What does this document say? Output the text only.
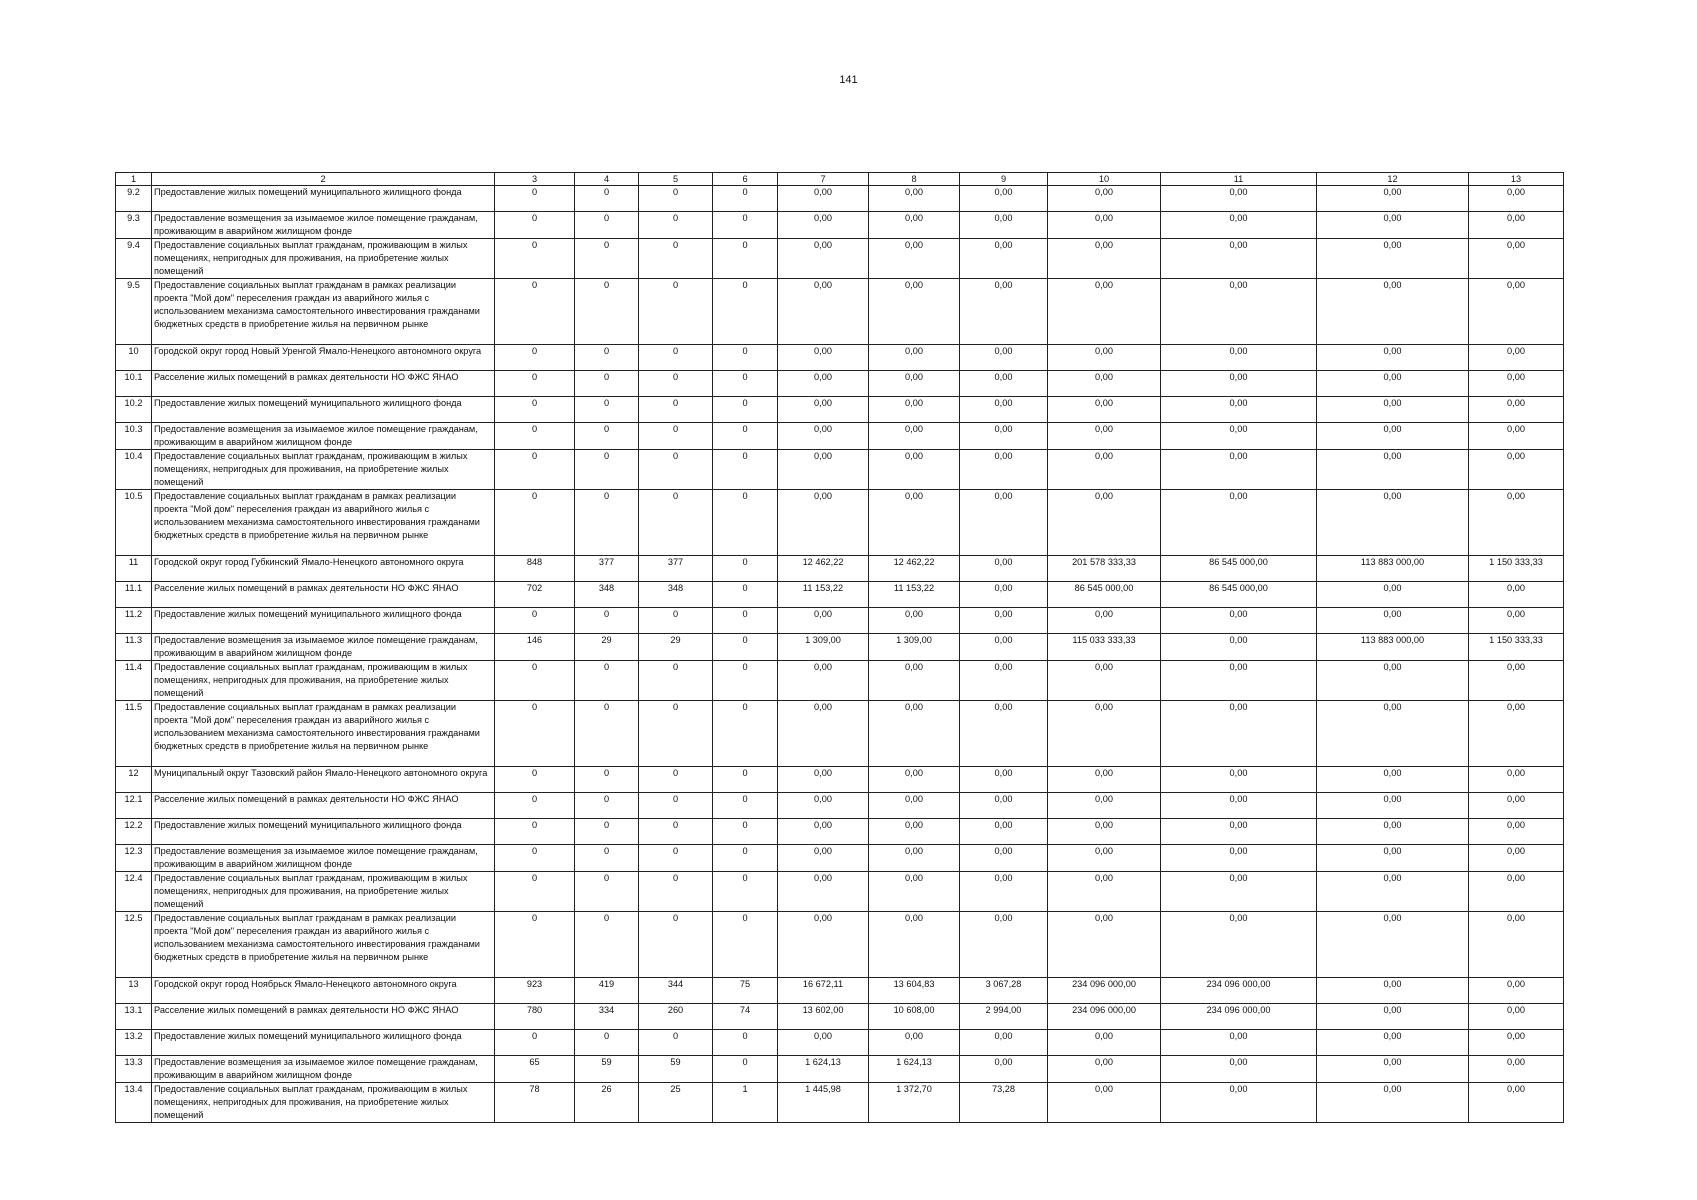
141
1	2	3	4	5	6	7	8	9	10	11	12	13
9.2	Предоставление жилых помещений муниципального жилищного фонда	0	0	0	0	0,00	0,00	0,00	0,00	0,00	0,00	0,00
9.3	Предоставление возмещения за изымаемое жилое помещение гражданам, проживающим в аварийном жилищном фонде	0	0	0	0	0,00	0,00	0,00	0,00	0,00	0,00	0,00
9.4	Предоставление социальных выплат гражданам, проживающим в жилых помещениях, непригодных для проживания, на приобретение жилых помещений	0	0	0	0	0,00	0,00	0,00	0,00	0,00	0,00	0,00
9.5	Предоставление социальных выплат гражданам в рамках реализации проекта "Мой дом" переселения граждан из аварийного жилья с использованием механизма самостоятельного инвестирования гражданами бюджетных средств в приобретение жилья на первичном рынке	0	0	0	0	0,00	0,00	0,00	0,00	0,00	0,00	0,00
10	Городской округ город Новый Уренгой Ямало-Ненецкого автономного округа	0	0	0	0	0,00	0,00	0,00	0,00	0,00	0,00	0,00
10.1	Расселение жилых помещений в рамках деятельности НО ФЖС ЯНАО	0	0	0	0	0,00	0,00	0,00	0,00	0,00	0,00	0,00
10.2	Предоставление жилых помещений муниципального жилищного фонда	0	0	0	0	0,00	0,00	0,00	0,00	0,00	0,00	0,00
10.3	Предоставление возмещения за изымаемое жилое помещение гражданам, проживающим в аварийном жилищном фонде	0	0	0	0	0,00	0,00	0,00	0,00	0,00	0,00	0,00
10.4	Предоставление социальных выплат гражданам, проживающим в жилых помещениях, непригодных для проживания, на приобретение жилых помещений	0	0	0	0	0,00	0,00	0,00	0,00	0,00	0,00	0,00
10.5	Предоставление социальных выплат гражданам в рамках реализации проекта "Мой дом" переселения граждан из аварийного жилья с использованием механизма самостоятельного инвестирования гражданами бюджетных средств в приобретение жилья на первичном рынке	0	0	0	0	0,00	0,00	0,00	0,00	0,00	0,00	0,00
11	Городской округ город Губкинский Ямало-Ненецкого автономного округа	848	377	377	0	12 462,22	12 462,22	0,00	201 578 333,33	86 545 000,00	113 883 000,00	1 150 333,33
11.1	Расселение жилых помещений в рамках деятельности НО ФЖС ЯНАО	702	348	348	0	11 153,22	11 153,22	0,00	86 545 000,00	86 545 000,00	0,00	0,00
11.2	Предоставление жилых помещений муниципального жилищного фонда	0	0	0	0	0,00	0,00	0,00	0,00	0,00	0,00	0,00
11.3	Предоставление возмещения за изымаемое жилое помещение гражданам, проживающим в аварийном жилищном фонде	146	29	29	0	1 309,00	1 309,00	0,00	115 033 333,33	0,00	113 883 000,00	1 150 333,33
11.4	Предоставление социальных выплат гражданам, проживающим в жилых помещениях, непригодных для проживания, на приобретение жилых помещений	0	0	0	0	0,00	0,00	0,00	0,00	0,00	0,00	0,00
11.5	Предоставление социальных выплат гражданам в рамках реализации проекта "Мой дом" переселения граждан из аварийного жилья с использованием механизма самостоятельного инвестирования гражданами бюджетных средств в приобретение жилья на первичном рынке	0	0	0	0	0,00	0,00	0,00	0,00	0,00	0,00	0,00
12	Муниципальный округ Тазовский район Ямало-Ненецкого автономного округа	0	0	0	0	0,00	0,00	0,00	0,00	0,00	0,00	0,00
12.1	Расселение жилых помещений в рамках деятельности НО ФЖС ЯНАО	0	0	0	0	0,00	0,00	0,00	0,00	0,00	0,00	0,00
12.2	Предоставление жилых помещений муниципального жилищного фонда	0	0	0	0	0,00	0,00	0,00	0,00	0,00	0,00	0,00
12.3	Предоставление возмещения за изымаемое жилое помещение гражданам, проживающим в аварийном жилищном фонде	0	0	0	0	0,00	0,00	0,00	0,00	0,00	0,00	0,00
12.4	Предоставление социальных выплат гражданам, проживающим в жилых помещениях, непригодных для проживания, на приобретение жилых помещений	0	0	0	0	0,00	0,00	0,00	0,00	0,00	0,00	0,00
12.5	Предоставление социальных выплат гражданам в рамках реализации проекта "Мой дом" переселения граждан из аварийного жилья с использованием механизма самостоятельного инвестирования гражданами бюджетных средств в приобретение жилья на первичном рынке	0	0	0	0	0,00	0,00	0,00	0,00	0,00	0,00	0,00
13	Городской округ город Ноябрьск Ямало-Ненецкого автономного округа	923	419	344	75	16 672,11	13 604,83	3 067,28	234 096 000,00	234 096 000,00	0,00	0,00
13.1	Расселение жилых помещений в рамках деятельности НО ФЖС ЯНАО	780	334	260	74	13 602,00	10 608,00	2 994,00	234 096 000,00	234 096 000,00	0,00	0,00
13.2	Предоставление жилых помещений муниципального жилищного фонда	0	0	0	0	0,00	0,00	0,00	0,00	0,00	0,00	0,00
13.3	Предоставление возмещения за изымаемое жилое помещение гражданам, проживающим в аварийном жилищном фонде	65	59	59	0	1 624,13	1 624,13	0,00	0,00	0,00	0,00	0,00
13.4	Предоставление социальных выплат гражданам, проживающим в жилых помещениях, непригодных для проживания, на приобретение жилых помещений	78	26	25	1	1 445,98	1 372,70	73,28	0,00	0,00	0,00	0,00
